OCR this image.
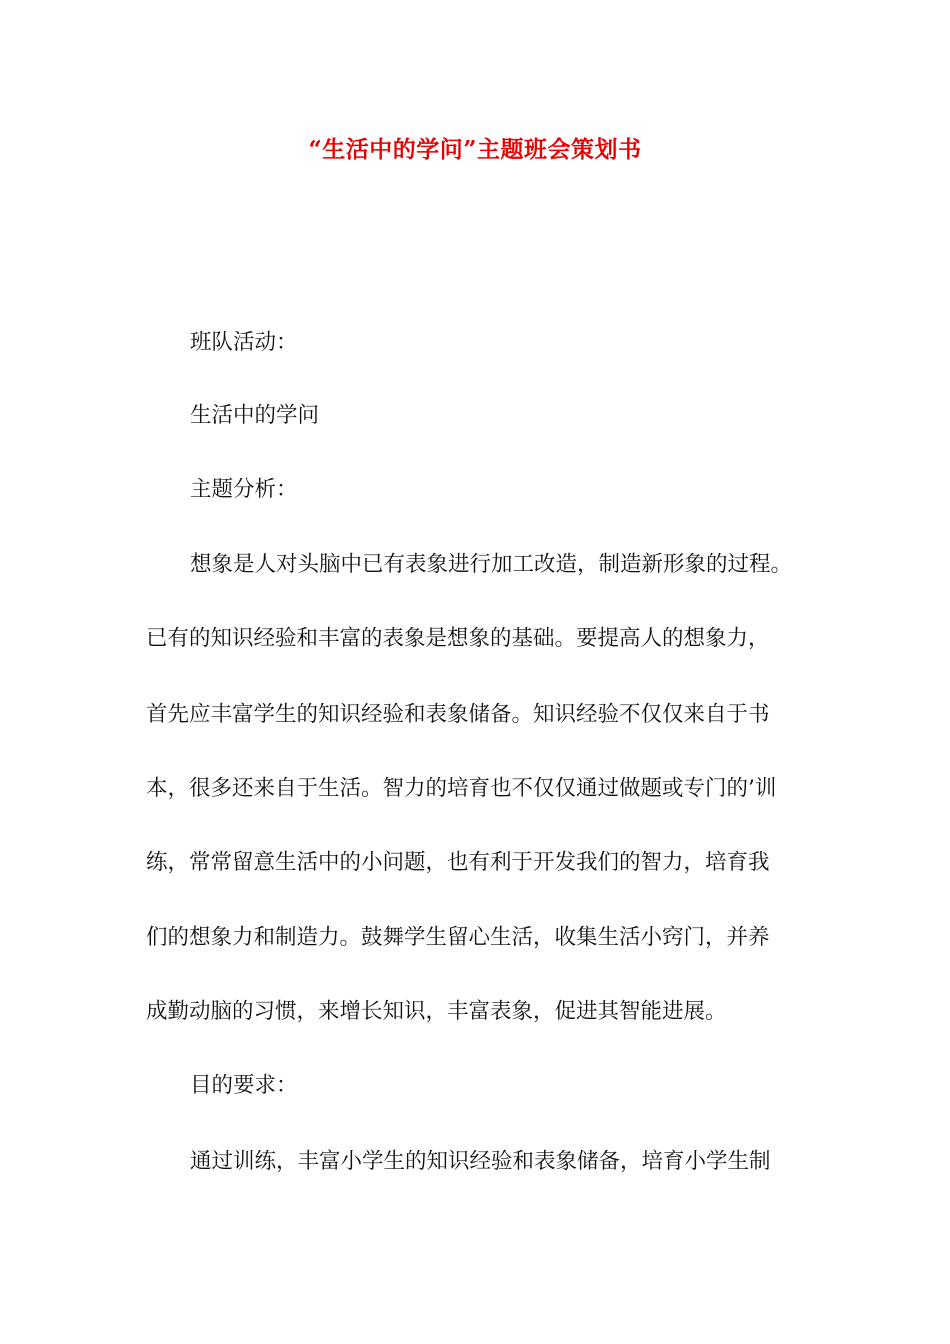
“生活中的学问”主题班会策划书

班队活动：

生活中的学问

主题分析：

想象是人对头脑中已有表象进行加工改造，制造新形象的过程。

已有的知识经验和丰富的表象是想象的基础。要提高人的想象力，

首先应丰富学生的知识经验和表象储备。知识经验不仅仅来自于书

本，很多还来自于生活。智力的培育也不仅仅通过做题或专门的’训

练，常常留意生活中的小问题，也有利于开发我们的智力，培育我

们的想象力和制造力。鼓舞学生留心生活，收集生活小窍门，并养

成勤动脑的习惯，来增长知识，丰富表象，促进其智能进展。

目的要求：

通过训练，丰富小学生的知识经验和表象储备，培育小学生制
